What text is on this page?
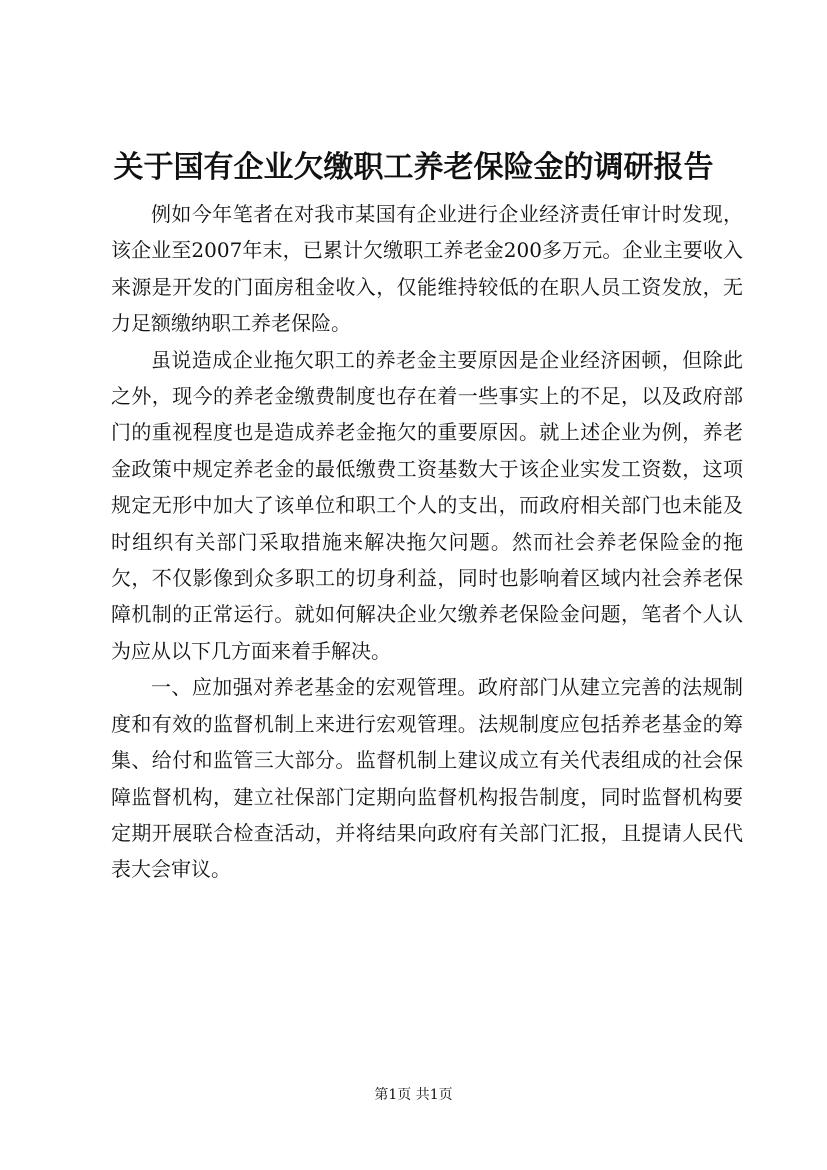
关于国有企业欠缴职工养老保险金的调研报告

例如今年笔者在对我市某国有企业进行企业经济责任审计时发现，该企业至2007年末，已累计欠缴职工养老金200多万元。企业主要收入来源是开发的门面房租金收入，仅能维持较低的在职人员工资发放，无力足额缴纳职工养老保险。

虽说造成企业拖欠职工的养老金主要原因是企业经济困顿，但除此之外，现今的养老金缴费制度也存在着一些事实上的不足，以及政府部门的重视程度也是造成养老金拖欠的重要原因。就上述企业为例，养老金政策中规定养老金的最低缴费工资基数大于该企业实发工资数，这项规定无形中加大了该单位和职工个人的支出，而政府相关部门也未能及时组织有关部门采取措施来解决拖欠问题。然而社会养老保险金的拖欠，不仅影像到众多职工的切身利益，同时也影响着区域内社会养老保障机制的正常运行。就如何解决企业欠缴养老保险金问题，笔者个人认为应从以下几方面来着手解决。

一、应加强对养老基金的宏观管理。政府部门从建立完善的法规制度和有效的监督机制上来进行宏观管理。法规制度应包括养老基金的筹集、给付和监管三大部分。监督机制上建议成立有关代表组成的社会保障监督机构，建立社保部门定期向监督机构报告制度，同时监督机构要定期开展联合检查活动，并将结果向政府有关部门汇报，且提请人民代表大会审议。

第1页 共1页
